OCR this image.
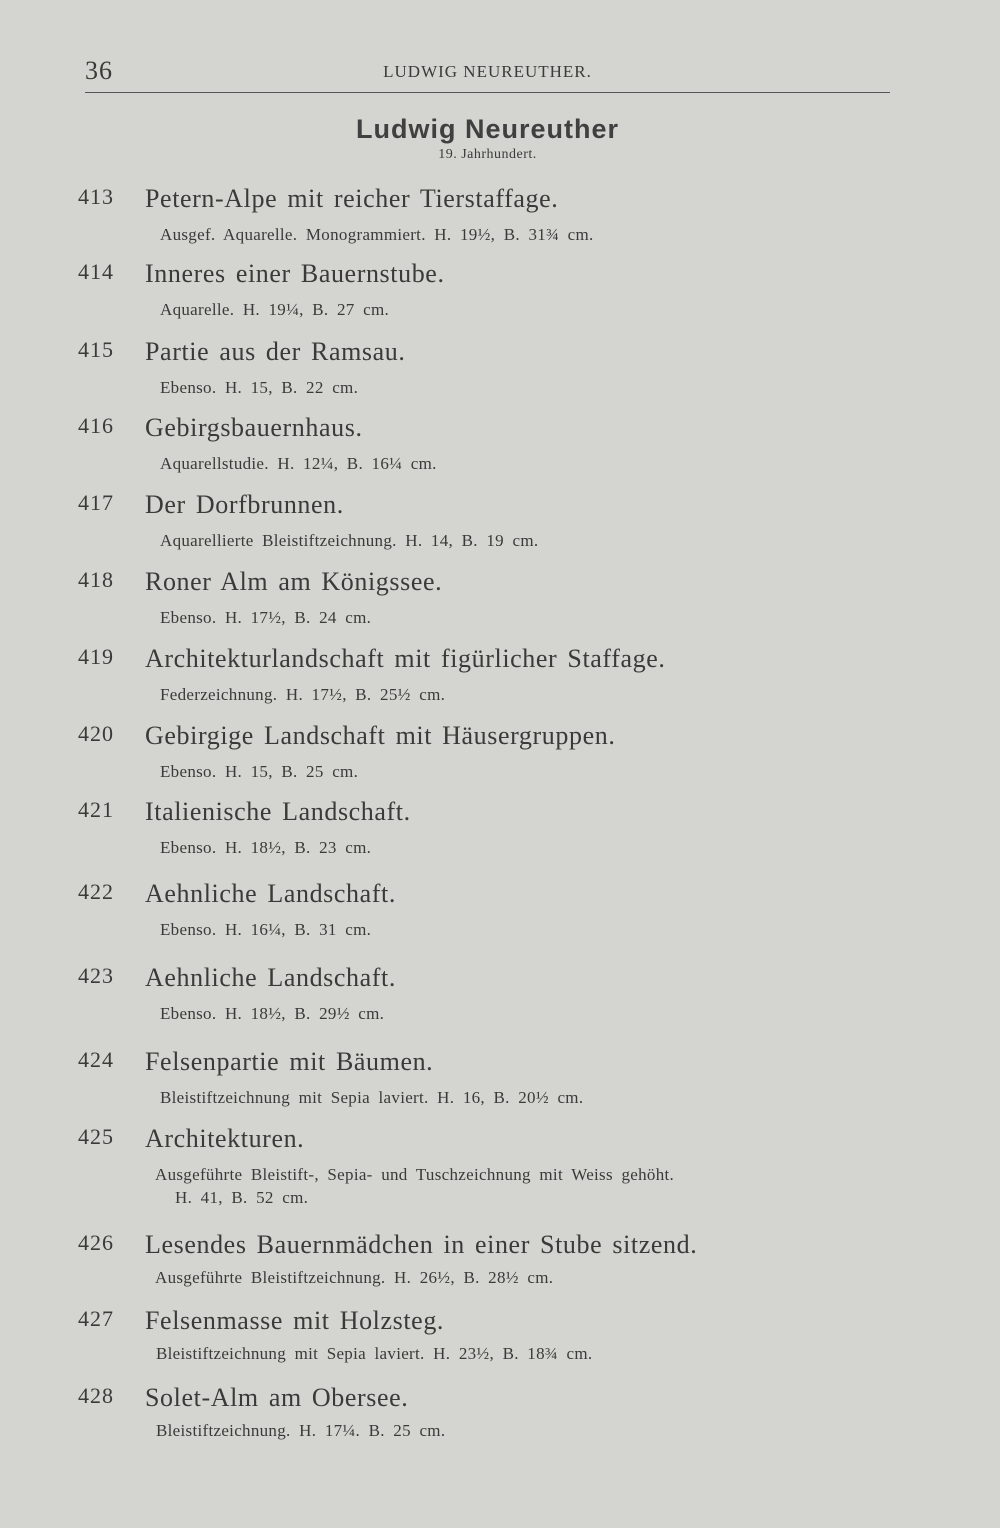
36	LUDWIG NEUREUTHER.
Ludwig Neureuther
19. Jahrhundert.
413 Petern-Alpe mit reicher Tierstaffage.
Ausgef. Aquarelle. Monogrammiert. H. 19½, B. 31¾ cm.
414 Inneres einer Bauernstube.
Aquarelle. H. 19¼, B. 27 cm.
415 Partie aus der Ramsau.
Ebenso. H. 15, B. 22 cm.
416 Gebirgsbauernhaus.
Aquarellstudie. H. 12¼, B. 16¼ cm.
417 Der Dorfbrunnen.
Aquarellierte Bleistiftzeichnung. H. 14, B. 19 cm.
418 Roner Alm am Königssee.
Ebenso. H. 17½, B. 24 cm.
419 Architekturlandschaft mit figürlicher Staffage.
Federzeichnung. H. 17½, B. 25½ cm.
420 Gebirgige Landschaft mit Häusergruppen.
Ebenso. H. 15, B. 25 cm.
421 Italienische Landschaft.
Ebenso. H. 18½, B. 23 cm.
422 Aehnliche Landschaft.
Ebenso. H. 16¼, B. 31 cm.
423 Aehnliche Landschaft.
Ebenso. H. 18½, B. 29½ cm.
424 Felsenpartie mit Bäumen.
Bleistiftzeichnung mit Sepia laviert. H. 16, B. 20½ cm.
425 Architekturen.
Ausgeführte Bleistift-, Sepia- und Tuschzeichnung mit Weiss gehöht.
H. 41, B. 52 cm.
426 Lesendes Bauernmädchen in einer Stube sitzend.
Ausgeführte Bleistiftzeichnung. H. 26½, B. 28½ cm.
427 Felsenmasse mit Holzsteg.
Bleistiftzeichnung mit Sepia laviert. H. 23½, B. 18¾ cm.
428 Solet-Alm am Obersee.
Bleistiftzeichnung. H. 17¼. B. 25 cm.
